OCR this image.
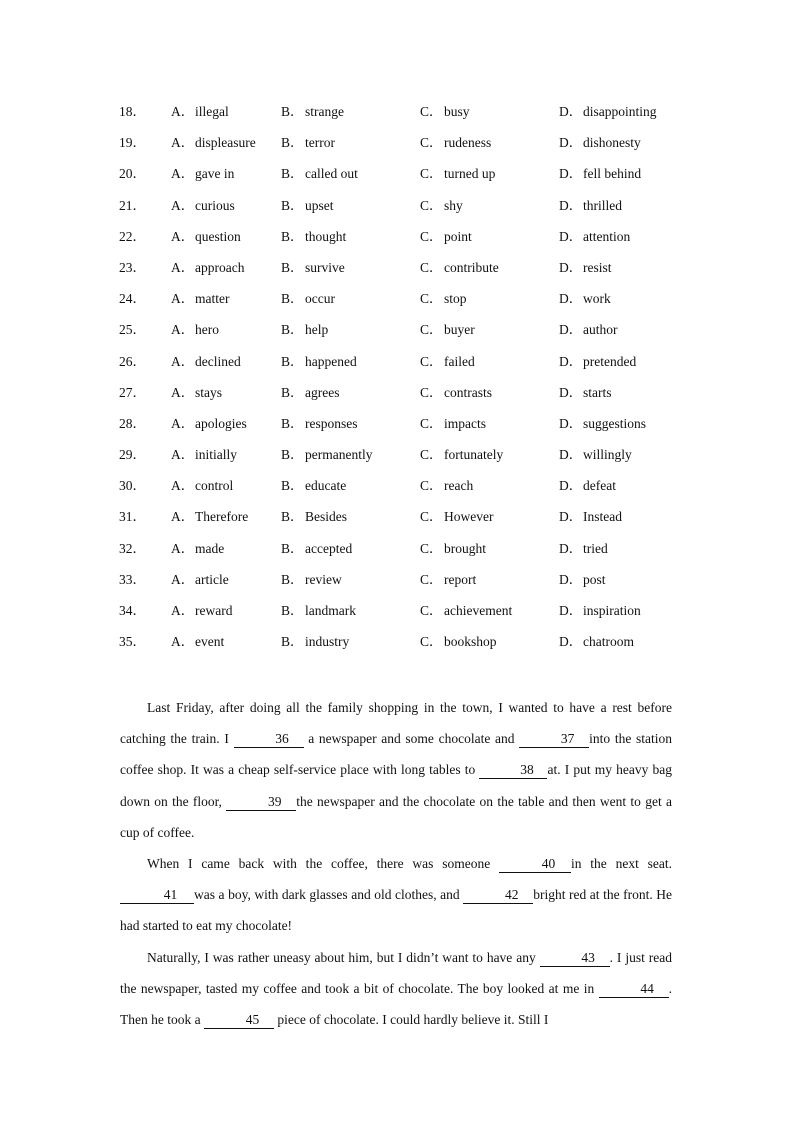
18． A．illegal	B．strange	C．busy	D．disappointing
19． A．displeasure B．terror	C．rudeness	D．dishonesty
20． A．gave in	B．called out	C．turned up	D．fell behind
21． A．curious	B．upset	C．shy	D．thrilled
22． A．question	B．thought	C．point	D．attention
23． A．approach	B．survive	C．contribute	D．resist
24． A．matter	B．occur	C．stop	D．work
25． A．hero	B．help	C．buyer	D．author
26． A．declined	B．happened	C．failed	D．pretended
27． A．stays	B．agrees	C．contrasts	D．starts
28． A．apologies	B．responses	C．impacts	D．suggestions
29． A．initially	B．permanently	C．fortunately	D．willingly
30． A．control	B．educate	C．reach	D．defeat
31． A．Therefore B．Besides	C．However	D．Instead
32． A．made	B．accepted	C．brought	D．tried
33． A．article	B．review	C．report	D．post
34． A．reward	B．landmark	C．achievement	D．inspiration
35． A．event	B．industry	C．bookshop	D．chatroom

Last Friday, after doing all the family shopping in the town, I wanted to have a rest before catching the train. I	36 a newspaper and some chocolate and	37 into the station coffee shop. It was a cheap self-service place with long tables to	38 at. I put my heavy bag down on the floor,	39 the newspaper and the chocolate on the table and then went to get a cup of coffee.

When I came back with the coffee, there was someone	40 in the next seat. 41 was a boy, with dark glasses and old clothes, and	42 bright red at the front. He had started to eat my chocolate!

Naturally, I was rather uneasy about him, but I didn’t want to have any	43 . I just read the newspaper, tasted my coffee and took a bit of chocolate. The boy looked at me in	44 . Then he took a	45 piece of chocolate. I could hardly believe it. Still I
